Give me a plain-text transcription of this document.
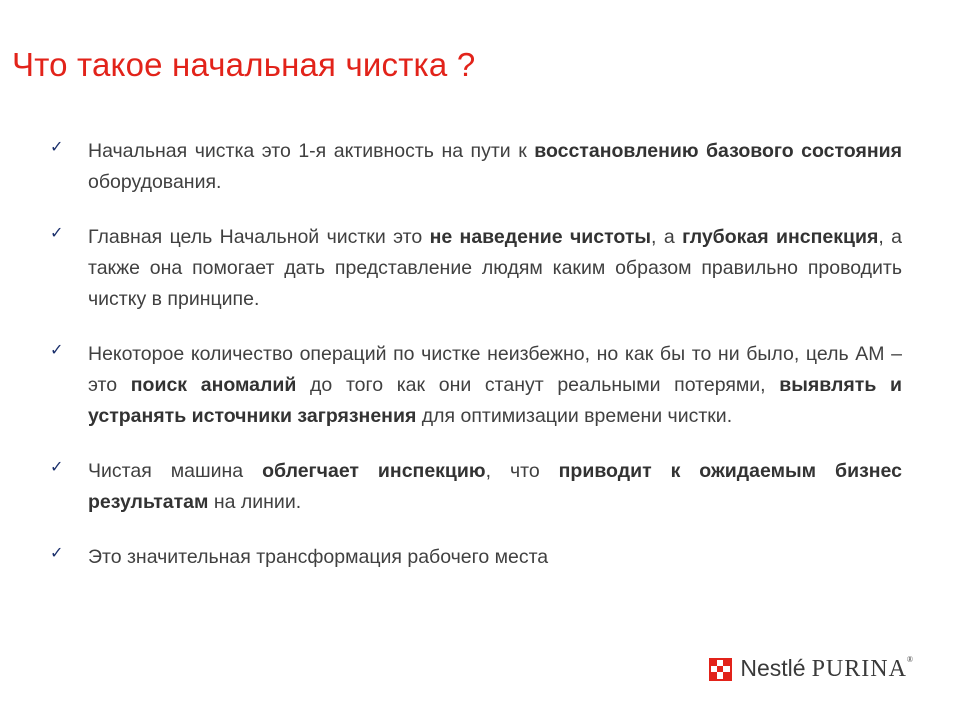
Что такое начальная чистка ?
✓ Начальная чистка это 1-я активность на пути к восстановлению базового состояния оборудования.
✓ Главная цель Начальной чистки это не наведение чистоты, а глубокая инспекция, а также она помогает дать представление людям каким образом правильно проводить чистку в принципе.
✓ Некоторое количество операций по чистке неизбежно, но как бы то ни было, цель АМ – это поиск аномалий до того как они станут реальными потерями, выявлять и устранять источники загрязнения для оптимизации времени чистки.
✓ Чистая машина облегчает инспекцию, что приводит к ожидаемым бизнес результатам на линии.
✓ Это значительная трансформация рабочего места
Nestlé PURINA®
